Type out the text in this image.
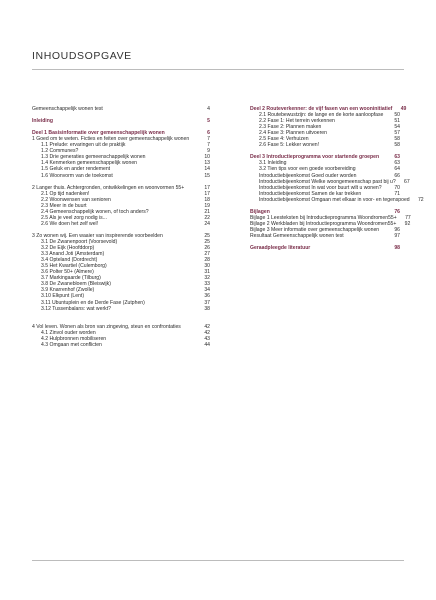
INHOUDSOPGAVE
Gemeenschappelijk wonen test	4
Inleiding	5
Deel 1 Basisinformatie over gemeenschappelijk wonen	6
1 Goed om te weten. Ficties en feiten over gemeenschappelijk wonen	7
1.1 Prelude: ervaringen uit de praktijk	7
1.2 Communes?	9
1.3 Drie generaties gemeenschappelijk wonen	10
1.4 Kenmerken gemeenschappelijk wonen	13
1.5 Geluk en ander rendement	14
1.6 Woonvorm van de toekomst	15
2 Langer thuis. Achtergronden, ontwikkelingen en woonvormen 55+	17
2.1 Op tijd nadenken!	17
2.2 Woonwensen van senioren	18
2.3 Meer in de buurt	19
2.4 Gemeenschappelijk wonen, of toch anders?	21
2.5 Als je veel zorg nodig is...	22
2.6 We doen het zelf wel!	24
3 Zo wonen wij. Een waaier van inspirerende voorbeelden	25
3.1 De Zwanenpoort (Voorsevold)	25
3.2 De Eijk (Hoofddorp)	26
3.3 Anand Joti (Amsterdam)	27
3.4 Opteland (Dordrecht)	28
3.5 Het Kwartiel (Culemborg)	30
3.6 Polter 50+ (Almere)	31
3.7 Markingaarde (Tilburg)	32
3.8 De Zwanebloem (Bleiswijk)	33
3.9 Knarrenhof (Zwolle)	34
3.10 Elkpunt (Lent)	36
3.11 Ubuntuplein en de Derde Fase (Zutphen)	37
3.12 Tussenbalans: wat werkt?	38
4 Vol leven. Wonen als bron van zingeving, steun en confrontaties	42
4.1 Zinvol ouder worden	42
4.2 Hulpbronnen mobiliseren	43
4.3 Omgaan met conflicten	44
Deel 2 Routeverkenner: de vijf fasen van een wooninitiatief	49
2.1 Routebewustzijn: de lange en de korte aanloopfase	50
2.2 Fase 1: Het terrein verkennen	51
2.3 Fase 2: Plannen maken	54
2.4 Fase 3: Plannen uitvoeren	57
2.5 Fase 4: Verhuizen	58
2.6 Fase 5: Lekker wonen!	58
Deel 3 Introductieprogramma voor startende groepen	63
3.1 Inleiding	63
3.2 Tien tips voor een goede voorbereiding	64
Introductiebijeenkomst Goed ouder worden	66
Introductiebijeenkomst Welke woongemeenschap past bij u?	67
Introductiebijeenkomst In wat voor buurt wilt u wonen?	70
Introductiebijeenkomst Samen de kar trekken	71
Introductiebijeenkomst Omgaan met elkaar in voor- en tegenspoed	72
Bijlagen	76
Bijlage 1 Leesteksten bij Introductieprogramma Woondromen55+	77
Bijlage 2 Werkbladen bij Introductieprogramma Woondromen55+	92
Bijlage 3 Meer informatie over gemeenschappelijk wonen	96
Resultaat Gemeenschappelijk wonen test	97
Geraadpleegde literatuur	98
